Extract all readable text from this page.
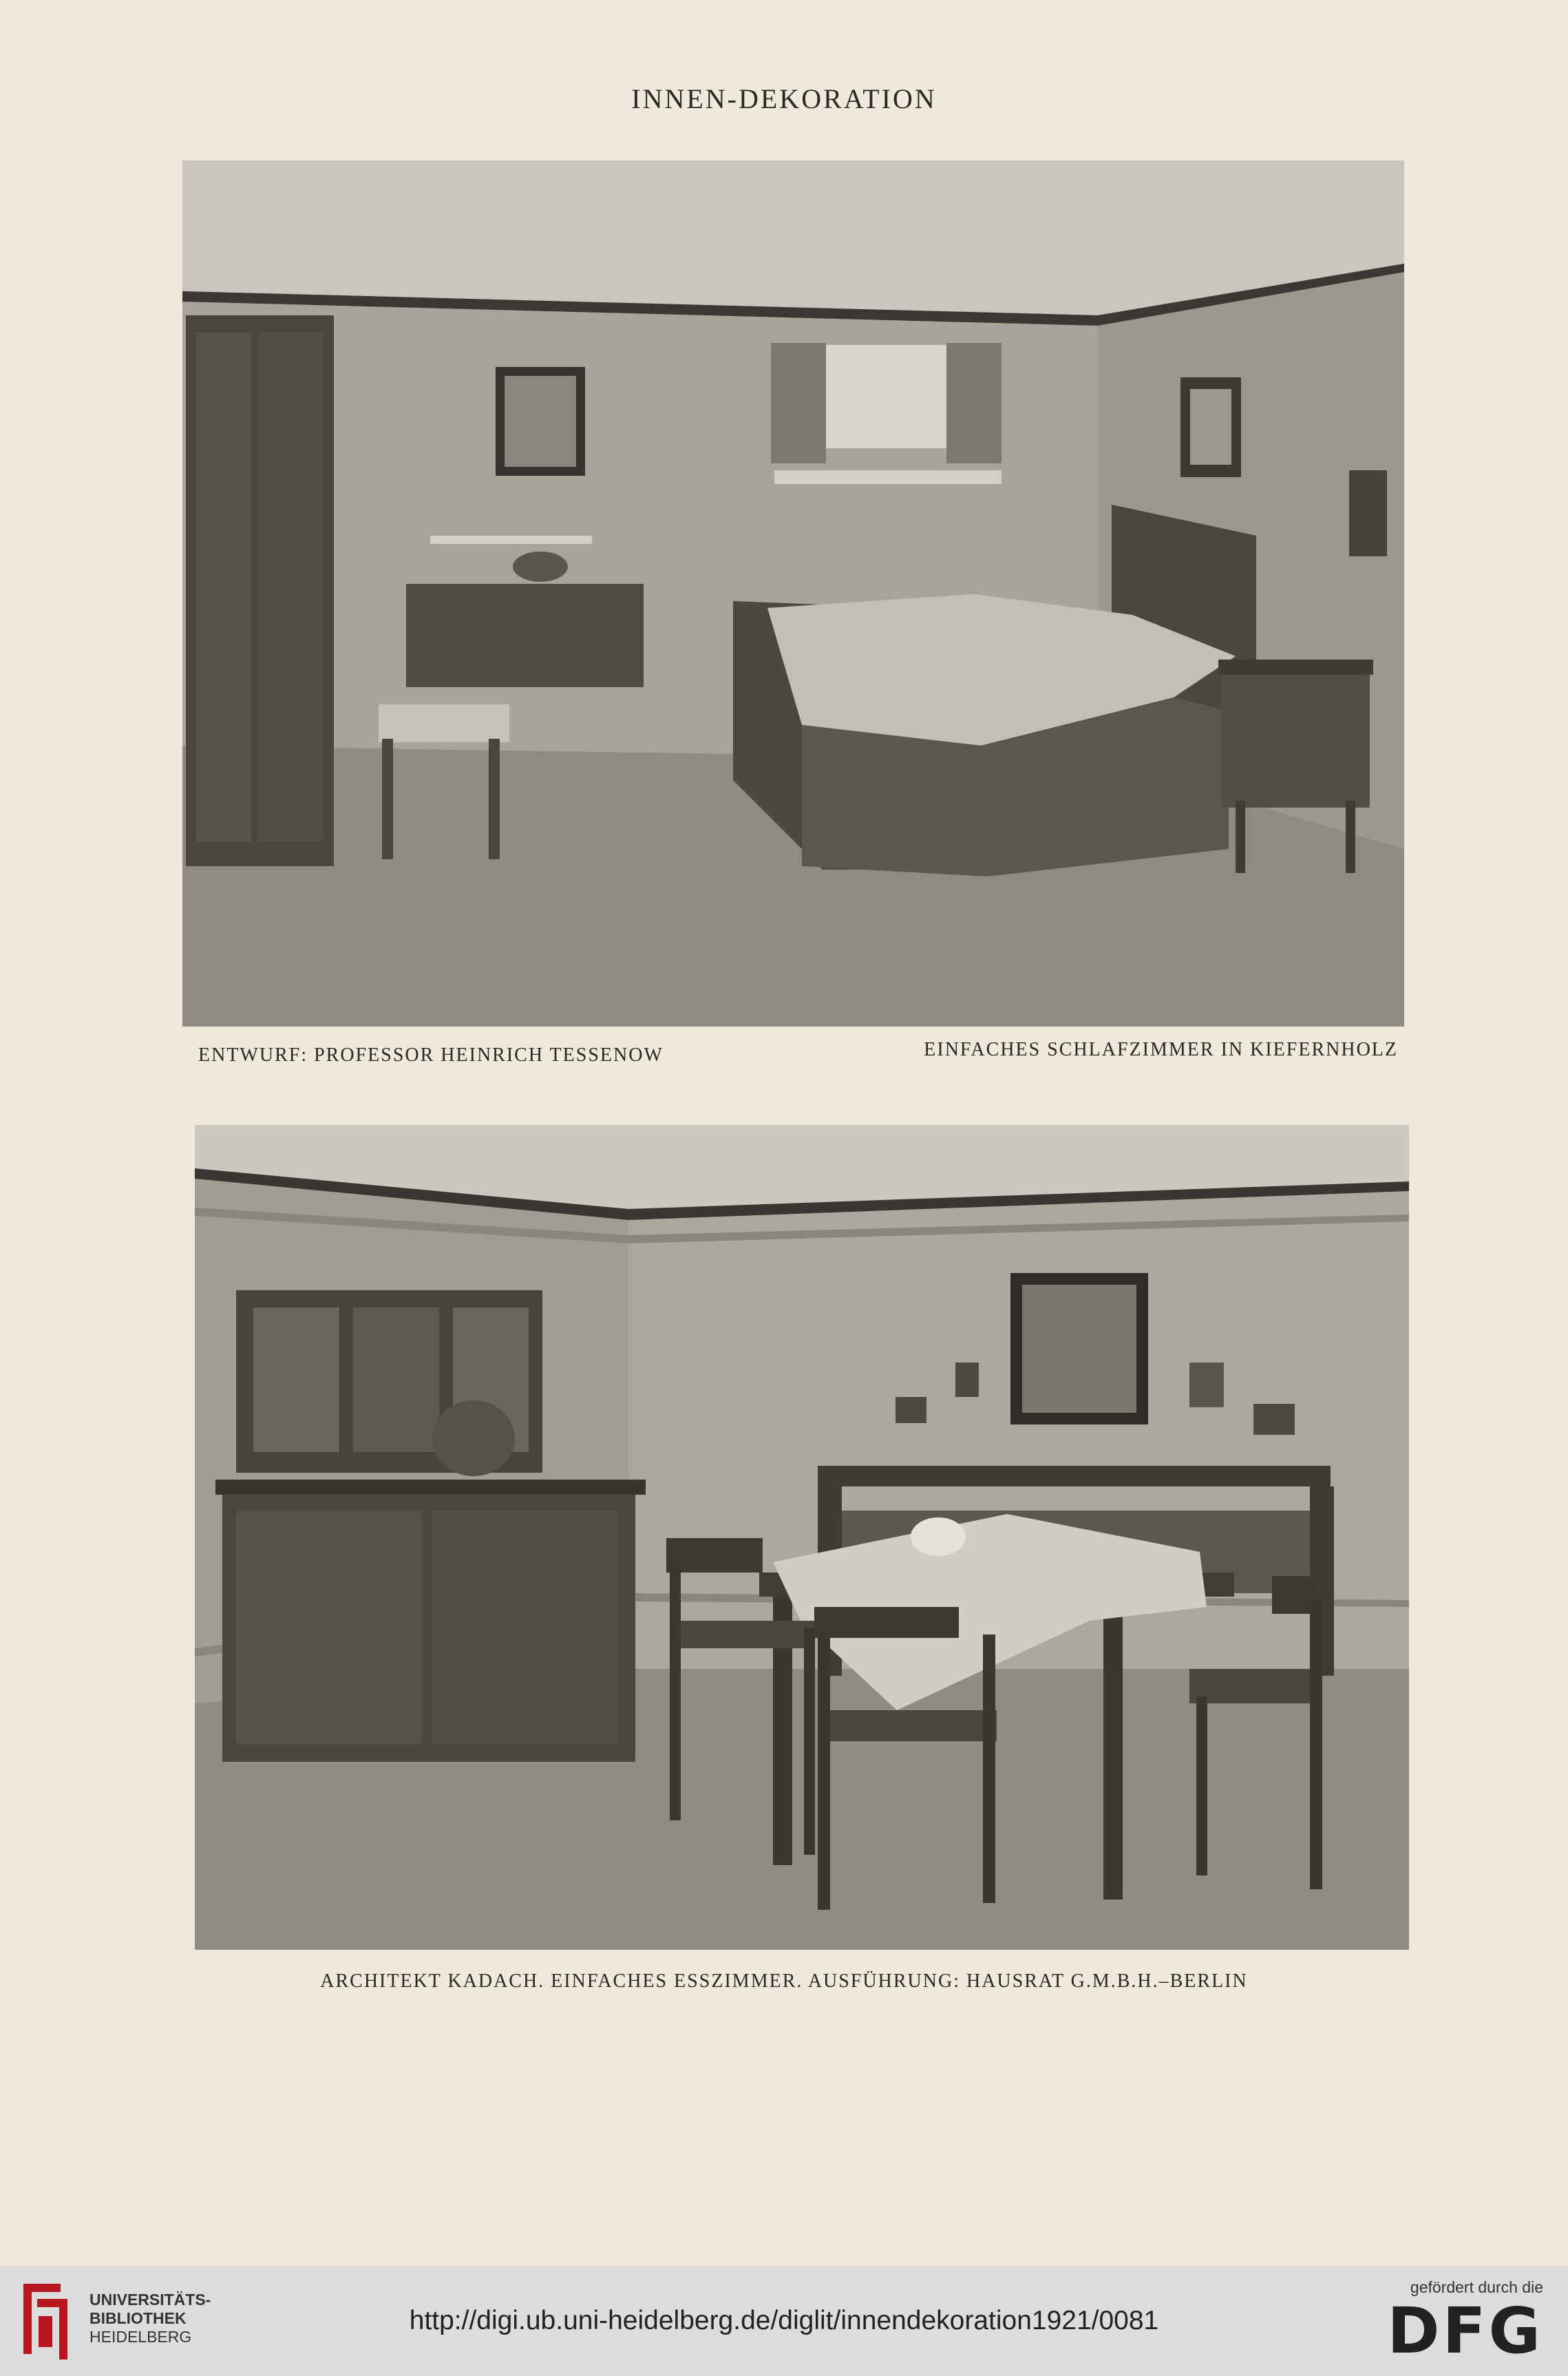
INNEN-DEKORATION
ENTWURF: PROFESSOR HEINRICH TESSENOW	EINFACHES SCHLAFZIMMER IN KIEFERNHOLZ
ARCHITEKT KADACH. EINFACHES ESSZIMMER. AUSFÜHRUNG: HAUSRAT G.M.B.H.–BERLIN
UNIVERSITÄTS-
BIBLIOTHEK
HEIDELBERG
http://digi.ub.uni-heidelberg.de/diglit/innendekoration1921/0081
gefördert durch die
DFG
